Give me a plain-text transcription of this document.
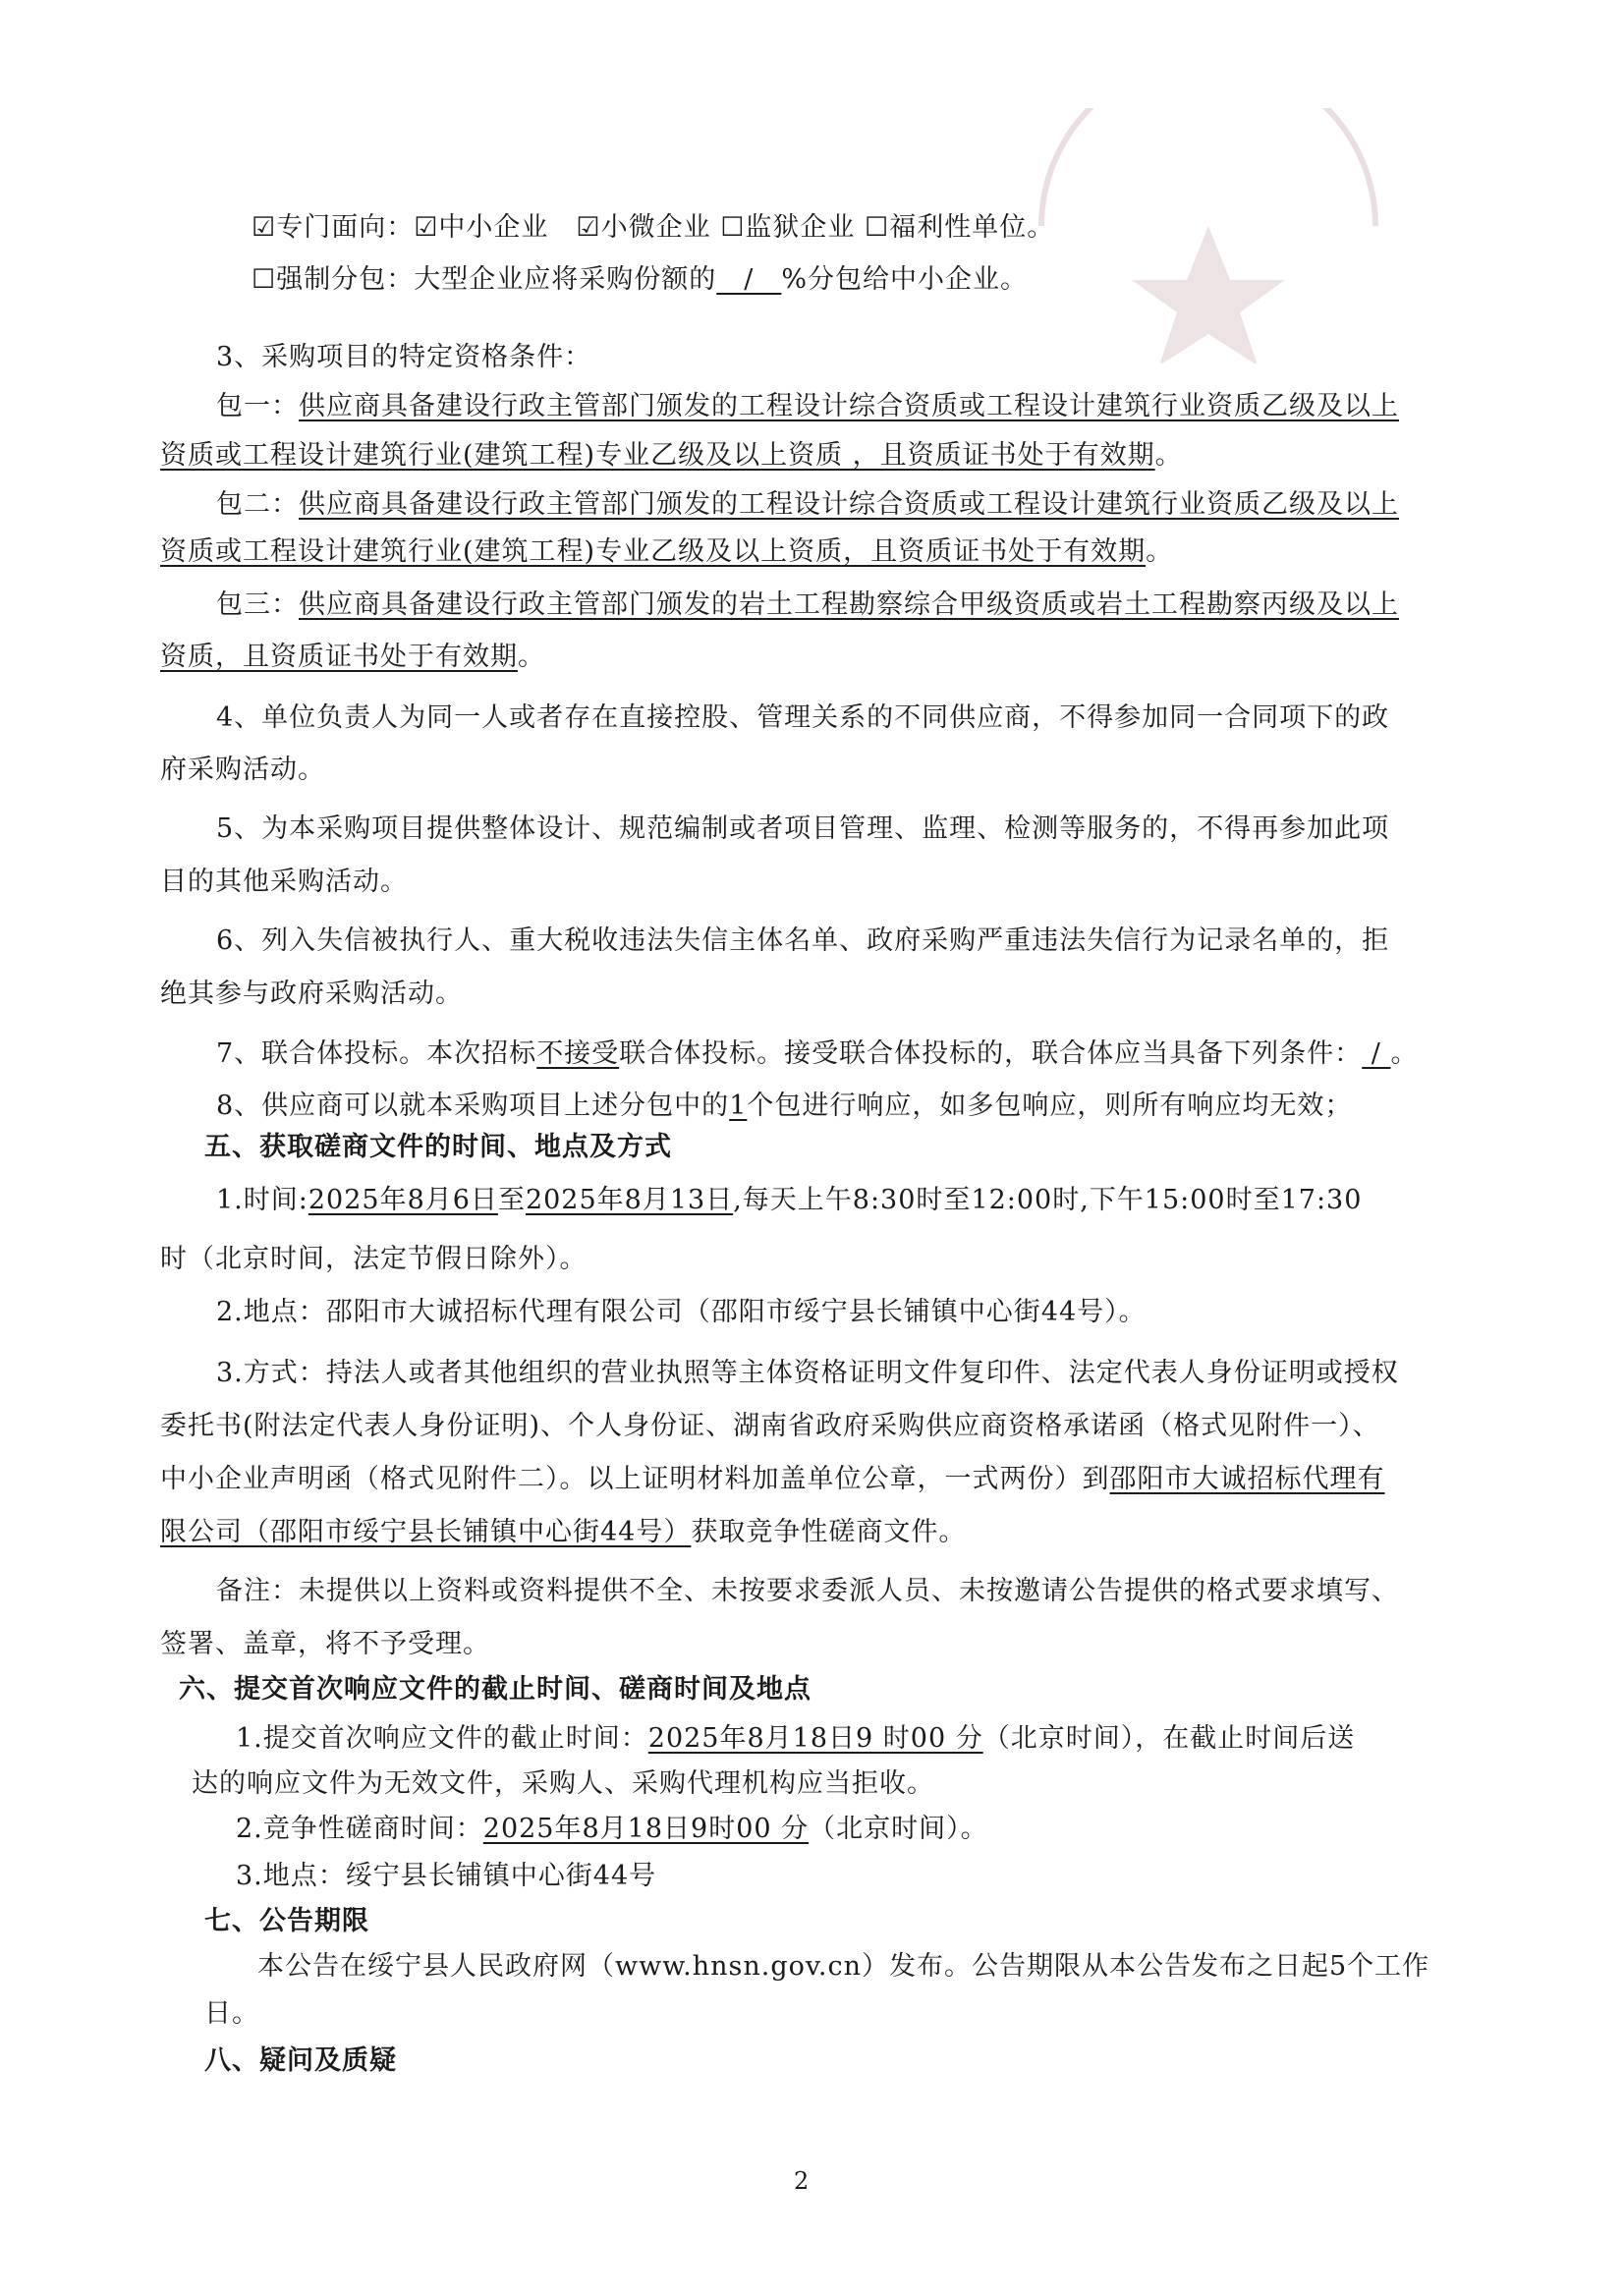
☑专门面向：☑中小企业　☑小微企业 ☐监狱企业 ☐福利性单位。
☐强制分包：大型企业应将采购份额的　/　%分包给中小企业。
3、采购项目的特定资格条件：
包一：供应商具备建设行政主管部门颁发的工程设计综合资质或工程设计建筑行业资质乙级及以上
资质或工程设计建筑行业(建筑工程)专业乙级及以上资质 ，且资质证书处于有效期。
包二：供应商具备建设行政主管部门颁发的工程设计综合资质或工程设计建筑行业资质乙级及以上
资质或工程设计建筑行业(建筑工程)专业乙级及以上资质，且资质证书处于有效期。
包三：供应商具备建设行政主管部门颁发的岩土工程勘察综合甲级资质或岩土工程勘察丙级及以上
资质，且资质证书处于有效期。
4、单位负责人为同一人或者存在直接控股、管理关系的不同供应商，不得参加同一合同项下的政
府采购活动。
5、为本采购项目提供整体设计、规范编制或者项目管理、监理、检测等服务的，不得再参加此项
目的其他采购活动。
6、列入失信被执行人、重大税收违法失信主体名单、政府采购严重违法失信行为记录名单的，拒
绝其参与政府采购活动。
7、联合体投标。本次招标不接受联合体投标。接受联合体投标的，联合体应当具备下列条件： / 。
8、供应商可以就本采购项目上述分包中的1个包进行响应，如多包响应，则所有响应均无效；
五、获取磋商文件的时间、地点及方式
1.时间:2025年8月6日至2025年8月13日,每天上午8:30时至12:00时,下午15:00时至17:30
时（北京时间，法定节假日除外）。
2.地点：邵阳市大诚招标代理有限公司（邵阳市绥宁县长铺镇中心街44号）。
3.方式：持法人或者其他组织的营业执照等主体资格证明文件复印件、法定代表人身份证明或授权
委托书(附法定代表人身份证明)、个人身份证、湖南省政府采购供应商资格承诺函（格式见附件一）、
中小企业声明函（格式见附件二）。以上证明材料加盖单位公章，一式两份）到邵阳市大诚招标代理有
限公司（邵阳市绥宁县长铺镇中心街44号）获取竞争性磋商文件。
备注：未提供以上资料或资料提供不全、未按要求委派人员、未按邀请公告提供的格式要求填写、
签署、盖章，将不予受理。
六、提交首次响应文件的截止时间、磋商时间及地点
1.提交首次响应文件的截止时间：2025年8月18日9 时00 分（北京时间），在截止时间后送
达的响应文件为无效文件，采购人、采购代理机构应当拒收。
2.竞争性磋商时间：2025年8月18日9时00 分（北京时间）。
3.地点：绥宁县长铺镇中心街44号
七、公告期限
本公告在绥宁县人民政府网（www.hnsn.gov.cn）发布。公告期限从本公告发布之日起5个工作
日。
八、疑问及质疑
2
